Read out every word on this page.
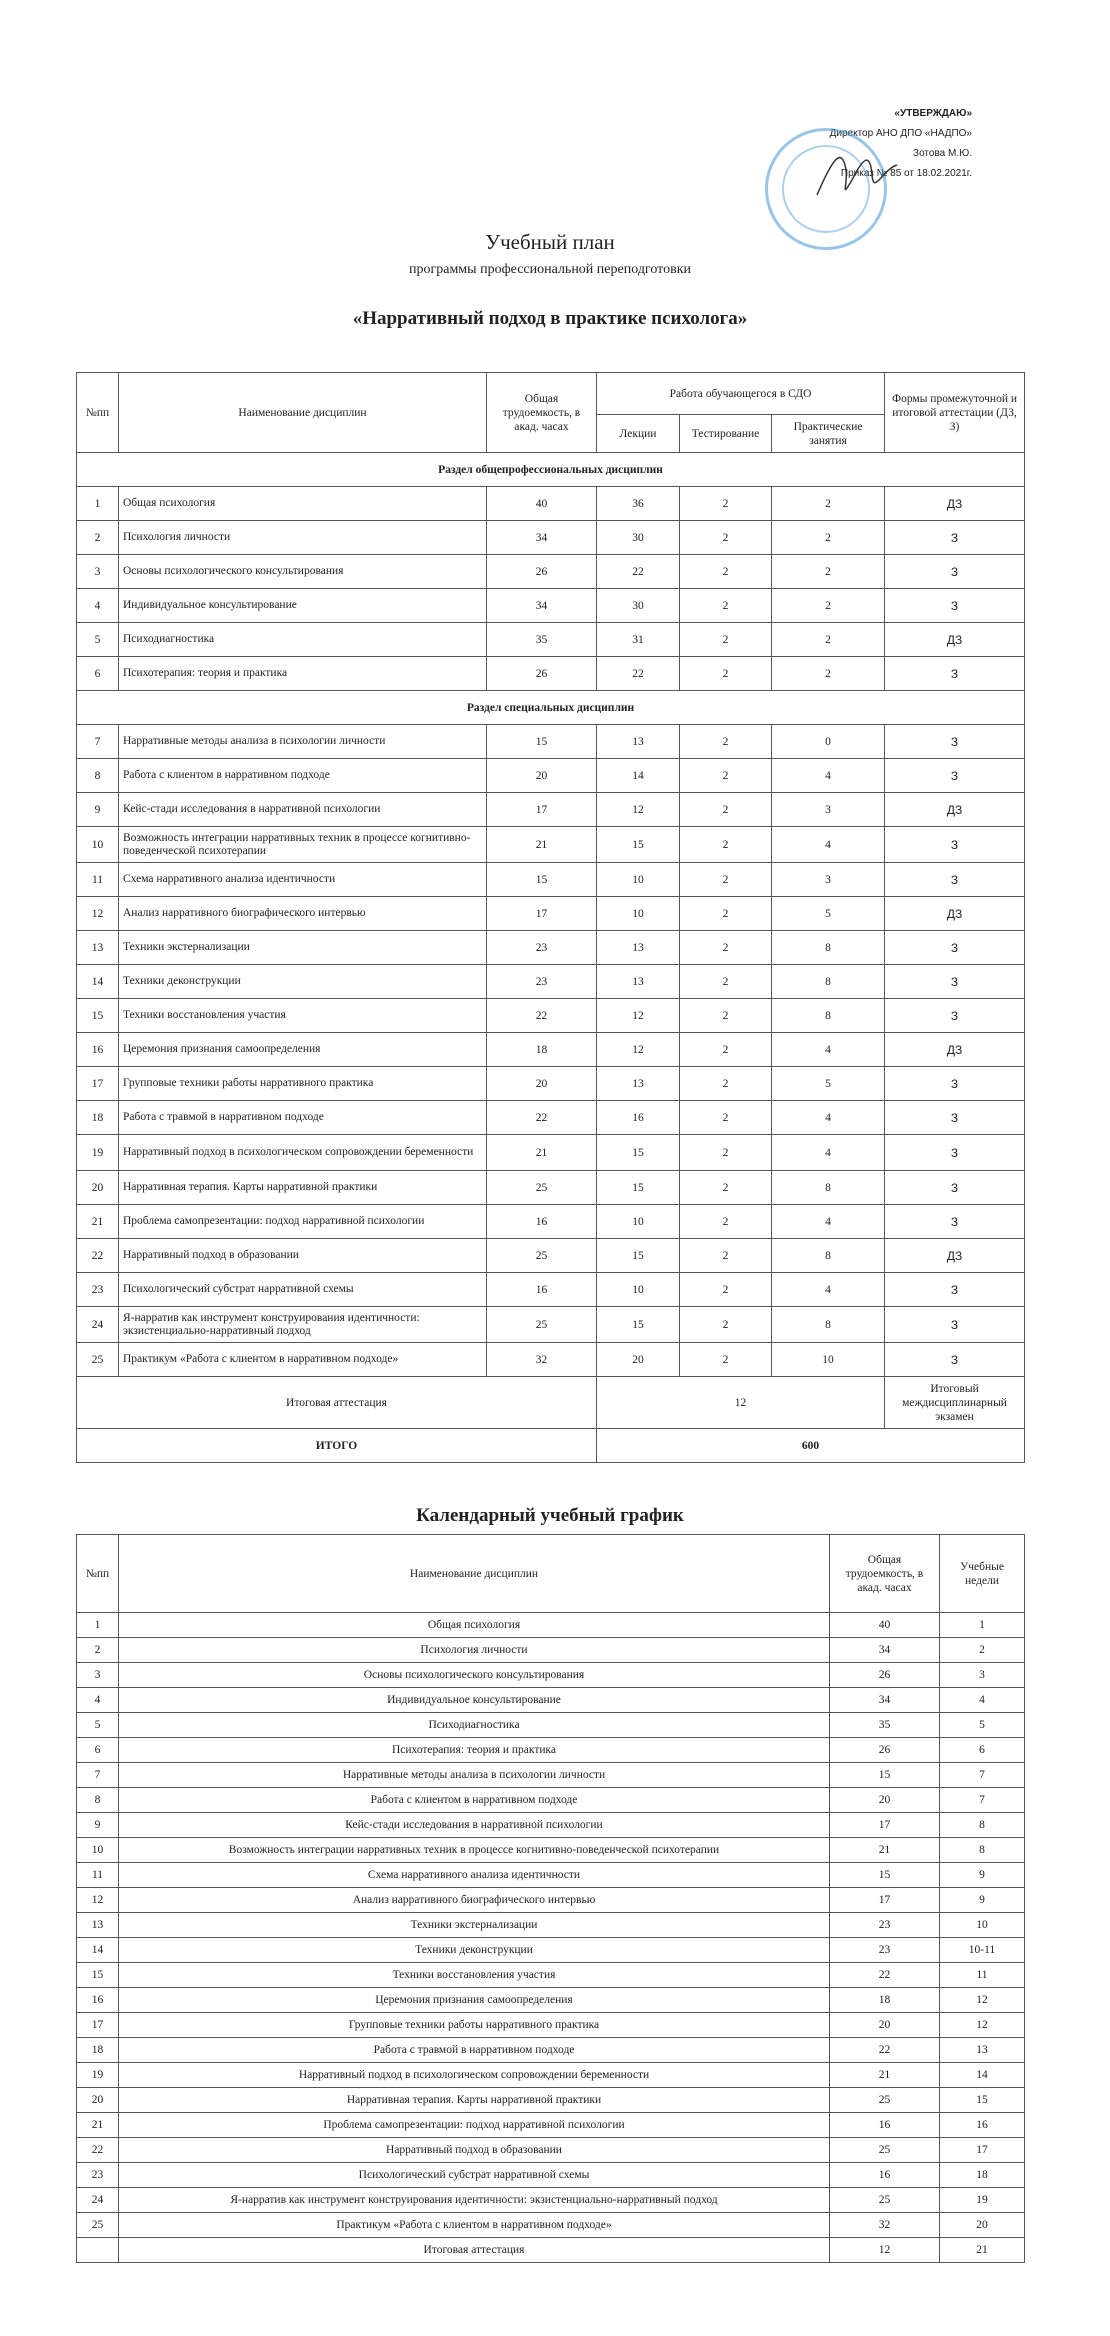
«УТВЕРЖДАЮ»
Директор АНО ДПО «НАДПО»
Зотова М.Ю.
Приказ № 85 от 18.02.2021г.
Учебный план
программы профессиональной переподготовки
«Нарративный подход в практике психолога»
№пп	Наименование дисциплин	Общая трудоемкость, в акад. часах	Работа обучающегося в СДО			Формы промежуточной и итоговой аттестации (ДЗ, З)
			Лекции	Тестирование	Практические занятия	
Раздел общепрофессиональных дисциплин						
1	Общая психология	40	36	2	2	ДЗ
2	Психология личности	34	30	2	2	З
3	Основы психологического консультирования	26	22	2	2	З
4	Индивидуальное консультирование	34	30	2	2	З
5	Психодиагностика	35	31	2	2	ДЗ
6	Психотерапия: теория и практика	26	22	2	2	З
Раздел специальных дисциплин						
7	Нарративные методы анализа в психологии личности	15	13	2	0	З
8	Работа с клиентом в нарративном подходе	20	14	2	4	З
9	Кейс-стади исследования в нарративной психологии	17	12	2	3	ДЗ
10	Возможность интеграции нарративных техник в процессе когнитивно-поведенческой психотерапии	21	15	2	4	З
11	Схема нарративного анализа идентичности	15	10	2	3	З
12	Анализ нарративного биографического интервью	17	10	2	5	ДЗ
13	Техники экстернализации	23	13	2	8	З
14	Техники деконструкции	23	13	2	8	З
15	Техники восстановления участия	22	12	2	8	З
16	Церемония признания самоопределения	18	12	2	4	ДЗ
17	Групповые техники работы нарративного практика	20	13	2	5	З
18	Работа с травмой в нарративном подходе	22	16	2	4	З
19	Нарративный подход в психологическом сопровождении беременности	21	15	2	4	З
20	Нарративная терапия. Карты нарративной практики	25	15	2	8	З
21	Проблема самопрезентации: подход нарративной психологии	16	10	2	4	З
22	Нарративный подход в образовании	25	15	2	8	ДЗ
23	Психологический субстрат нарративной схемы	16	10	2	4	З
24	Я-нарратив как инструмент конструирования идентичности: экзистенциально-нарративный подход	25	15	2	8	З
25	Практикум «Работа с клиентом в нарративном подходе»	32	20	2	10	З
Итоговая аттестация			12			Итоговый междисциплинарный экзамен
ИТОГО			600			
Календарный учебный график
№пп	Наименование дисциплин	Общая трудоемкость, в акад. часах	Учебные недели
1	Общая психология	40	1
2	Психология личности	34	2
3	Основы психологического консультирования	26	3
4	Индивидуальное консультирование	34	4
5	Психодиагностика	35	5
6	Психотерапия: теория и практика	26	6
7	Нарративные методы анализа в психологии личности	15	7
8	Работа с клиентом в нарративном подходе	20	7
9	Кейс-стади исследования в нарративной психологии	17	8
10	Возможность интеграции нарративных техник в процессе когнитивно-поведенческой психотерапии	21	8
11	Схема нарративного анализа идентичности	15	9
12	Анализ нарративного биографического интервью	17	9
13	Техники экстернализации	23	10
14	Техники деконструкции	23	10-11
15	Техники восстановления участия	22	11
16	Церемония признания самоопределения	18	12
17	Групповые техники работы нарративного практика	20	12
18	Работа с травмой в нарративном подходе	22	13
19	Нарративный подход в психологическом сопровождении беременности	21	14
20	Нарративная терапия. Карты нарративной практики	25	15
21	Проблема самопрезентации: подход нарративной психологии	16	16
22	Нарративный подход в образовании	25	17
23	Психологический субстрат нарративной схемы	16	18
24	Я-нарратив как инструмент конструирования идентичности: экзистенциально-нарративный подход	25	19
25	Практикум «Работа с клиентом в нарративном подходе»	32	20
	Итоговая аттестация	12	21
